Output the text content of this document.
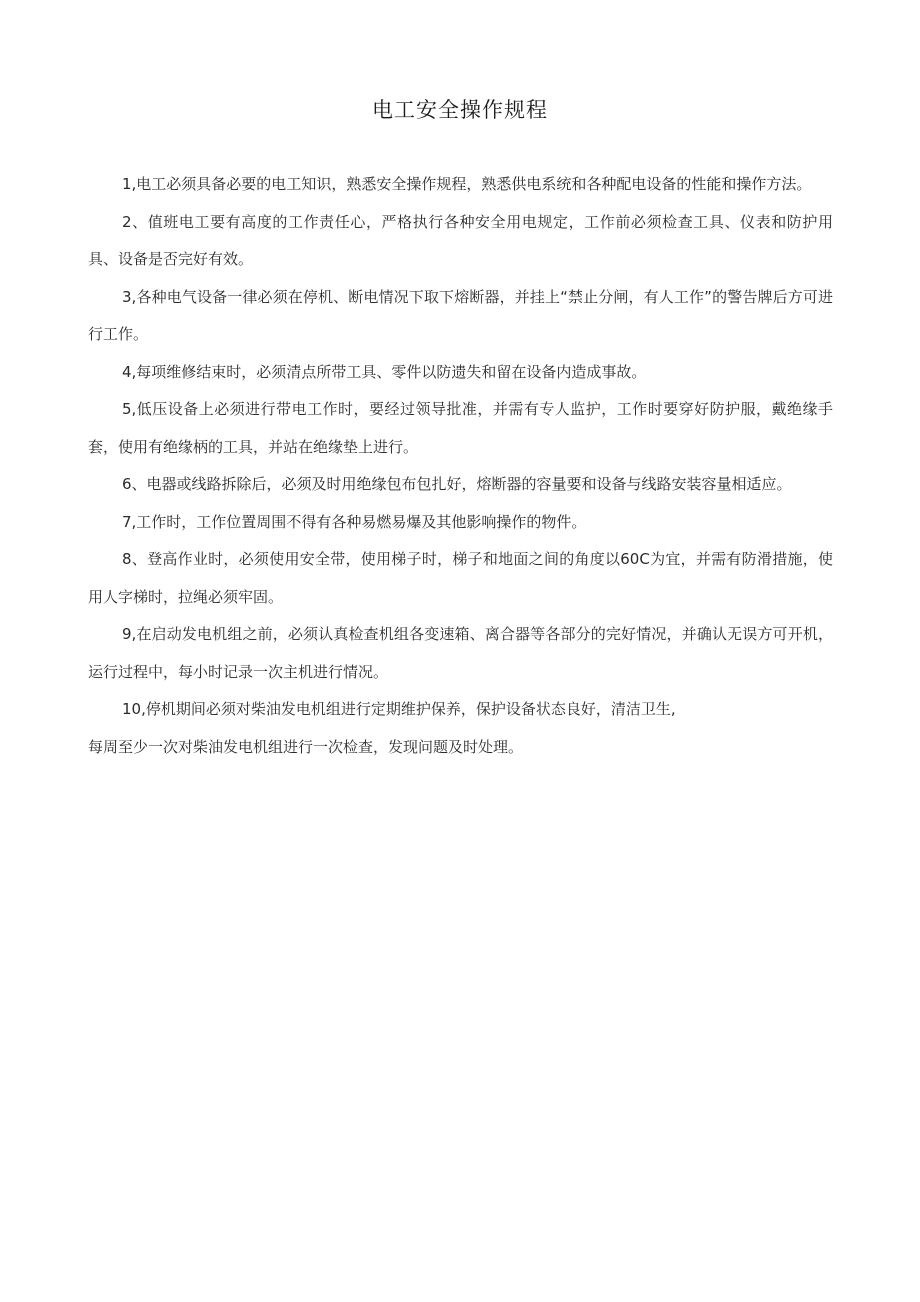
电工安全操作规程

1,电工必须具备必要的电工知识，熟悉安全操作规程，熟悉供电系统和各种配电设备的性能和操作方法。

2、值班电工要有高度的工作责任心，严格执行各种安全用电规定，工作前必须检查工具、仪表和防护用具、设备是否完好有效。

3,各种电气设备一律必须在停机、断电情况下取下熔断器，并挂上“禁止分闸，有人工作”的警告牌后方可进行工作。

4,每项维修结束时，必须清点所带工具、零件以防遗失和留在设备内造成事故。

5,低压设备上必须进行带电工作时，要经过领导批准，并需有专人监护，工作时要穿好防护服，戴绝缘手套，使用有绝缘柄的工具，并站在绝缘垫上进行。

6、电器或线路拆除后，必须及时用绝缘包布包扎好，熔断器的容量要和设备与线路安装容量相适应。

7,工作时，工作位置周围不得有各种易燃易爆及其他影响操作的物件。

8、登高作业时，必须使用安全带，使用梯子时，梯子和地面之间的角度以60C为宜，并需有防滑措施，使用人字梯时，拉绳必须牢固。

9,在启动发电机组之前，必须认真检查机组各变速箱、离合器等各部分的完好情况，并确认无误方可开机，运行过程中，每小时记录一次主机进行情况。

10,停机期间必须对柴油发电机组进行定期维护保养，保护设备状态良好，清洁卫生,

每周至少一次对柴油发电机组进行一次检查，发现问题及时处理。
